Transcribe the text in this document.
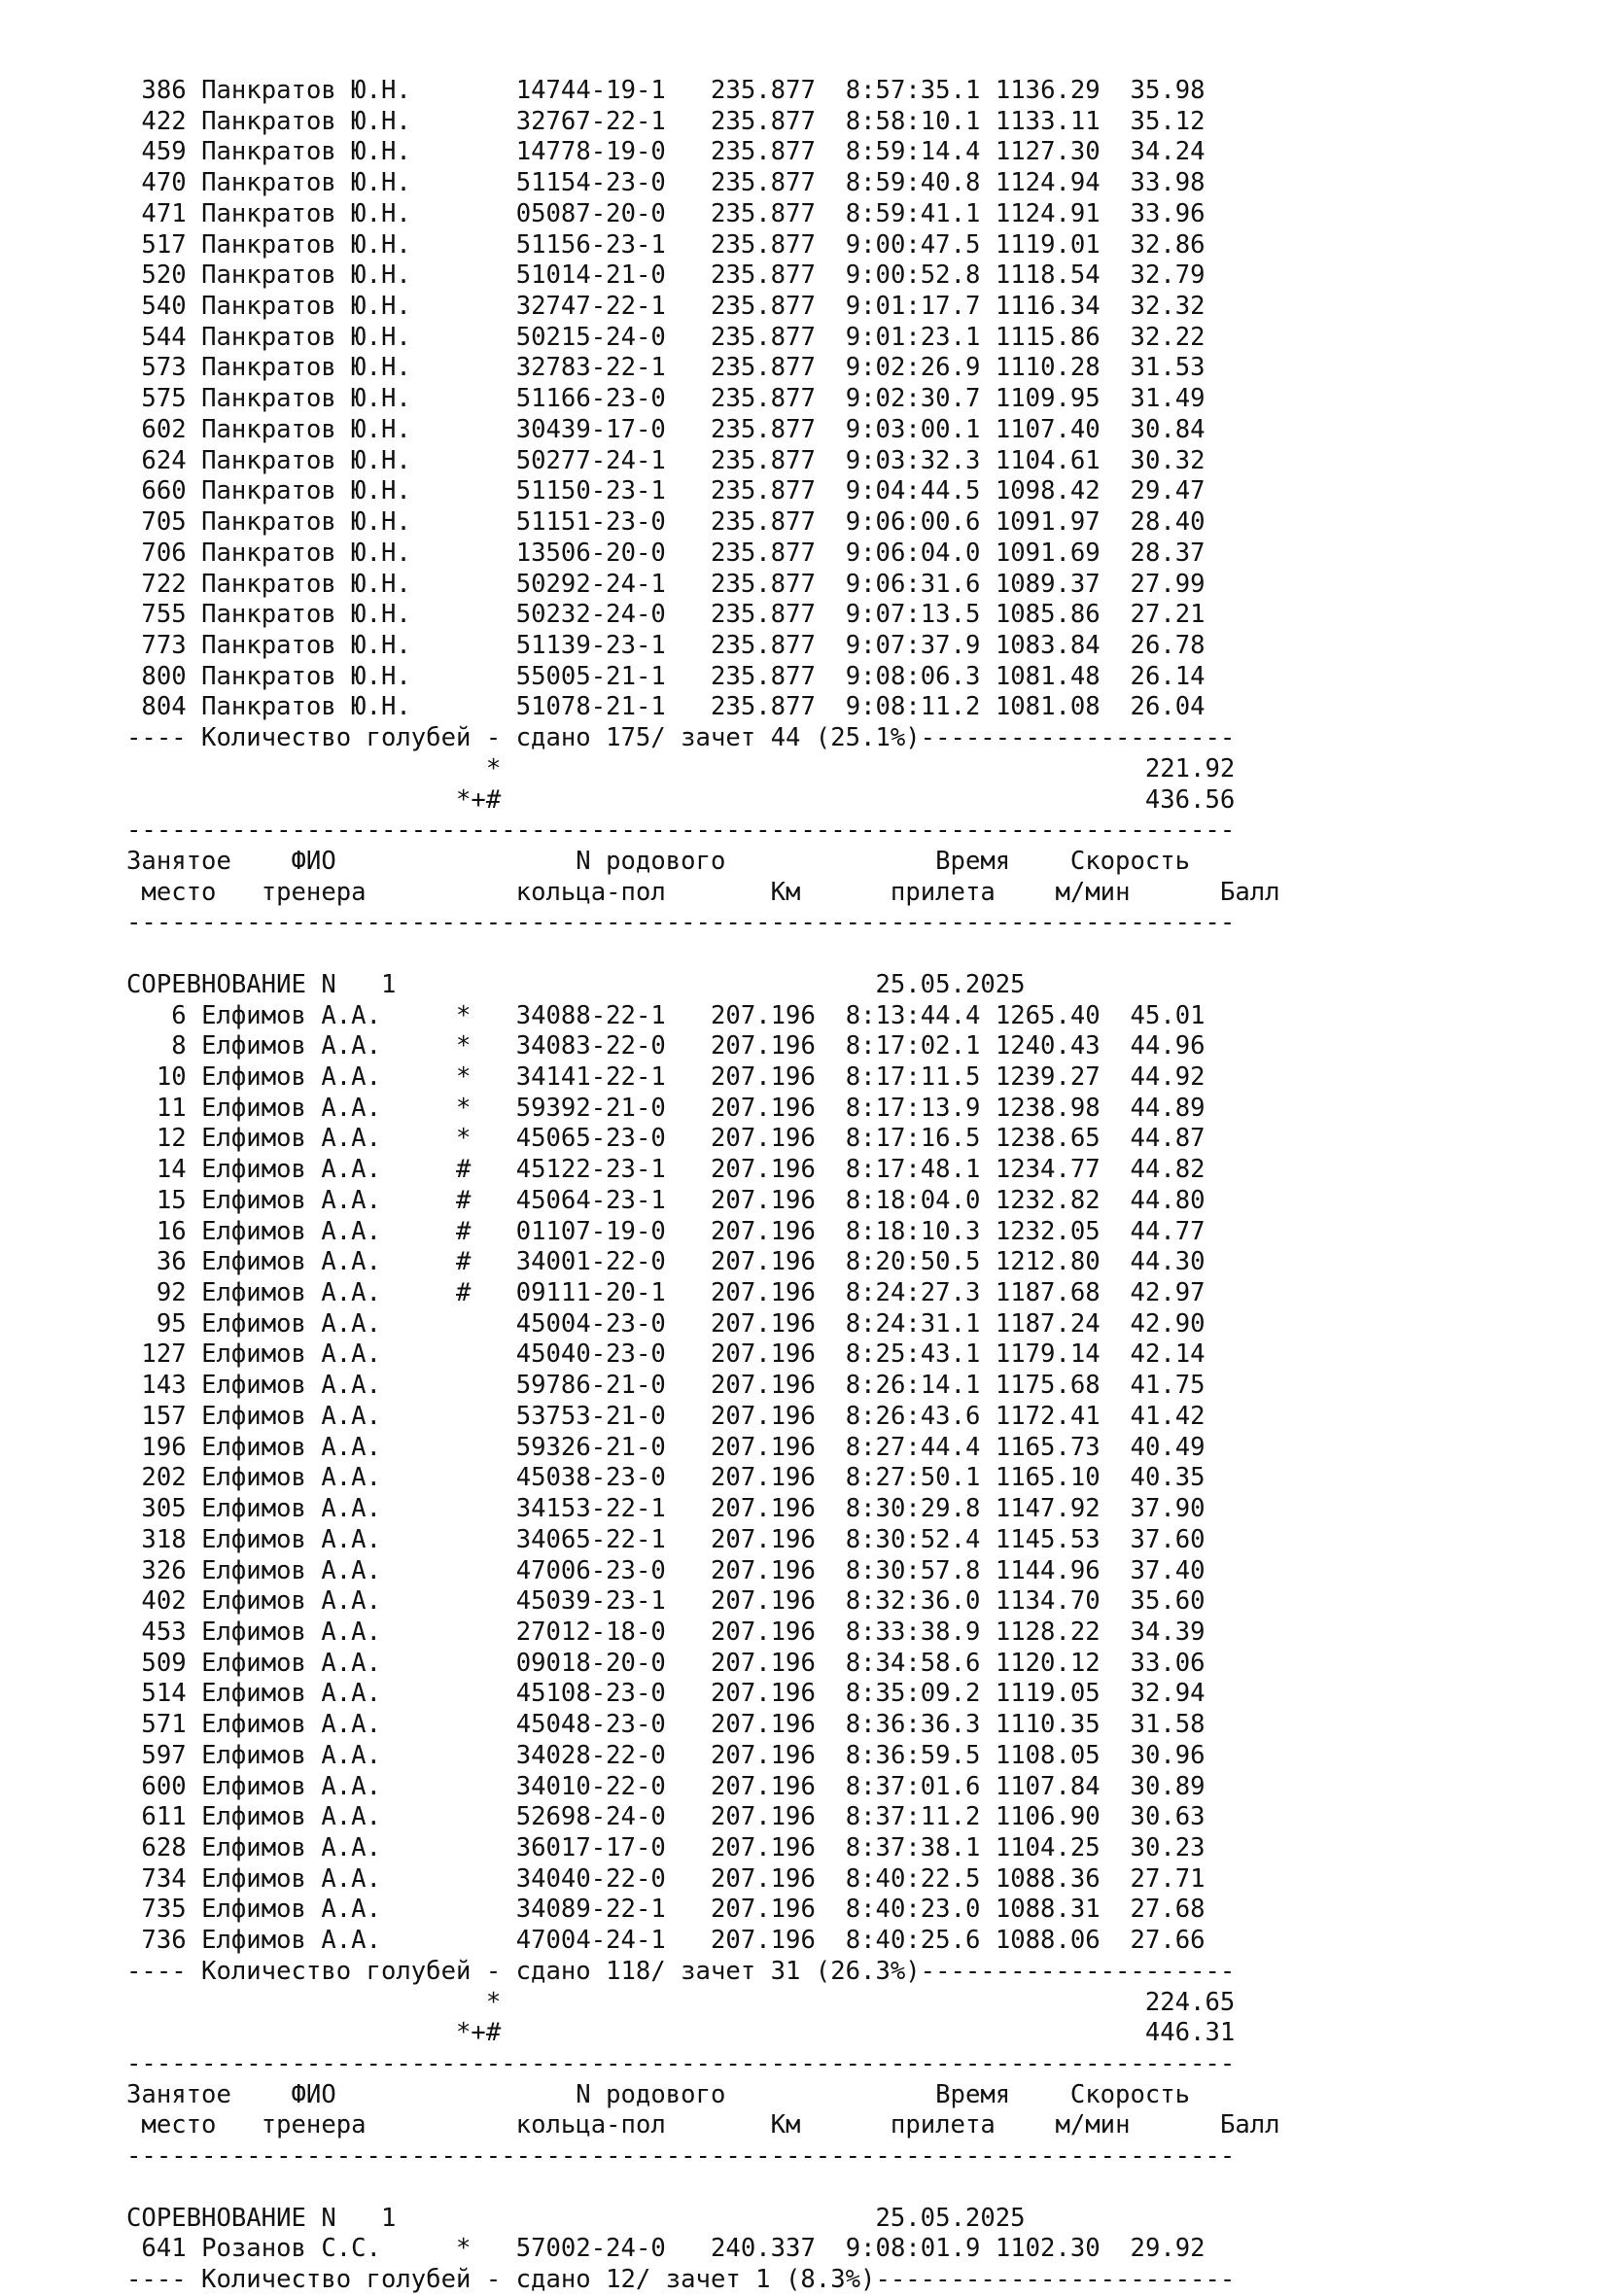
386 Панкратов Ю.Н.	14744-19-1 235.877 8:57:35.1 1136.29 35.98
422 Панкратов Ю.Н.	32767-22-1 235.877 8:58:10.1 1133.11 35.12
459 Панкратов Ю.Н.	14778-19-0 235.877 8:59:14.4 1127.30 34.24
470 Панкратов Ю.Н.	51154-23-0 235.877 8:59:40.8 1124.94 33.98
471 Панкратов Ю.Н.	05087-20-0 235.877 8:59:41.1 1124.91 33.96
517 Панкратов Ю.Н.	51156-23-1 235.877 9:00:47.5 1119.01 32.86
520 Панкратов Ю.Н.	51014-21-0 235.877 9:00:52.8 1118.54 32.79
540 Панкратов Ю.Н.	32747-22-1 235.877 9:01:17.7 1116.34 32.32
544 Панкратов Ю.Н.	50215-24-0 235.877 9:01:23.1 1115.86 32.22
573 Панкратов Ю.Н.	32783-22-1 235.877 9:02:26.9 1110.28 31.53
575 Панкратов Ю.Н.	51166-23-0 235.877 9:02:30.7 1109.95 31.49
602 Панкратов Ю.Н.	30439-17-0 235.877 9:03:00.1 1107.40 30.84
624 Панкратов Ю.Н.	50277-24-1 235.877 9:03:32.3 1104.61 30.32
660 Панкратов Ю.Н.	51150-23-1 235.877 9:04:44.5 1098.42 29.47
705 Панкратов Ю.Н.	51151-23-0 235.877 9:06:00.6 1091.97 28.40
706 Панкратов Ю.Н.	13506-20-0 235.877 9:06:04.0 1091.69 28.37
722 Панкратов Ю.Н.	50292-24-1 235.877 9:06:31.6 1089.37 27.99
755 Панкратов Ю.Н.	50232-24-0 235.877 9:07:13.5 1085.86 27.21
773 Панкратов Ю.Н.	51139-23-1 235.877 9:07:37.9 1083.84 26.78
800 Панкратов Ю.Н.	55005-21-1 235.877 9:08:06.3 1081.48 26.14
804 Панкратов Ю.Н.	51078-21-1 235.877 9:08:11.2 1081.08 26.04
---- Количество голубей - сдано 175/ зачет 44 (25.1%)---------------------
*	221.92
*+#	436.56
--------------------------------------------------------------------------
Занятое ФИО	N родового	Время Скорость
место тренера	кольца-пол	Км	прилета м/мин	Балл
--------------------------------------------------------------------------
СОРЕВНОВАНИЕ N   1	25.05.2025
6 Елфимов А.А.	* 34088-22-1 207.196 8:13:44.4 1265.40 45.01
8 Елфимов А.А.	* 34083-22-0 207.196 8:17:02.1 1240.43 44.96
10 Елфимов А.А.	* 34141-22-1 207.196 8:17:11.5 1239.27 44.92
11 Елфимов А.А.	* 59392-21-0 207.196 8:17:13.9 1238.98 44.89
12 Елфимов А.А.	* 45065-23-0 207.196 8:17:16.5 1238.65 44.87
14 Елфимов А.А.	# 45122-23-1 207.196 8:17:48.1 1234.77 44.82
15 Елфимов А.А.	# 45064-23-1 207.196 8:18:04.0 1232.82 44.80
16 Елфимов А.А.	# 01107-19-0 207.196 8:18:10.3 1232.05 44.77
36 Елфимов А.А.	# 34001-22-0 207.196 8:20:50.5 1212.80 44.30
92 Елфимов А.А.	# 09111-20-1 207.196 8:24:27.3 1187.68 42.97
95 Елфимов А.А.	45004-23-0 207.196 8:24:31.1 1187.24 42.90
127 Елфимов А.А.	45040-23-0 207.196 8:25:43.1 1179.14 42.14
143 Елфимов А.А.	59786-21-0 207.196 8:26:14.1 1175.68 41.75
157 Елфимов А.А.	53753-21-0 207.196 8:26:43.6 1172.41 41.42
196 Елфимов А.А.	59326-21-0 207.196 8:27:44.4 1165.73 40.49
202 Елфимов А.А.	45038-23-0 207.196 8:27:50.1 1165.10 40.35
305 Елфимов А.А.	34153-22-1 207.196 8:30:29.8 1147.92 37.90
318 Елфимов А.А.	34065-22-1 207.196 8:30:52.4 1145.53 37.60
326 Елфимов А.А.	47006-23-0 207.196 8:30:57.8 1144.96 37.40
402 Елфимов А.А.	45039-23-1 207.196 8:32:36.0 1134.70 35.60
453 Елфимов А.А.	27012-18-0 207.196 8:33:38.9 1128.22 34.39
509 Елфимов А.А.	09018-20-0 207.196 8:34:58.6 1120.12 33.06
514 Елфимов А.А.	45108-23-0 207.196 8:35:09.2 1119.05 32.94
571 Елфимов А.А.	45048-23-0 207.196 8:36:36.3 1110.35 31.58
597 Елфимов А.А.	34028-22-0 207.196 8:36:59.5 1108.05 30.96
600 Елфимов А.А.	34010-22-0 207.196 8:37:01.6 1107.84 30.89
611 Елфимов А.А.	52698-24-0 207.196 8:37:11.2 1106.90 30.63
628 Елфимов А.А.	36017-17-0 207.196 8:37:38.1 1104.25 30.23
734 Елфимов А.А.	34040-22-0 207.196 8:40:22.5 1088.36 27.71
735 Елфимов А.А.	34089-22-1 207.196 8:40:23.0 1088.31 27.68
736 Елфимов А.А.	47004-24-1 207.196 8:40:25.6 1088.06 27.66
---- Количество голубей - сдано 118/ зачет 31 (26.3%)---------------------
*	224.65
*+#	446.31
--------------------------------------------------------------------------
Занятое ФИО	N родового	Время Скорость
место тренера	кольца-пол	Км	прилета м/мин	Балл
--------------------------------------------------------------------------
СОРЕВНОВАНИЕ N   1	25.05.2025
641 Розанов С.С.	* 57002-24-0 240.337 9:08:01.9 1102.30 29.92
---- Количество голубей - сдано 12/ зачет 1 (8.3%)------------------------
